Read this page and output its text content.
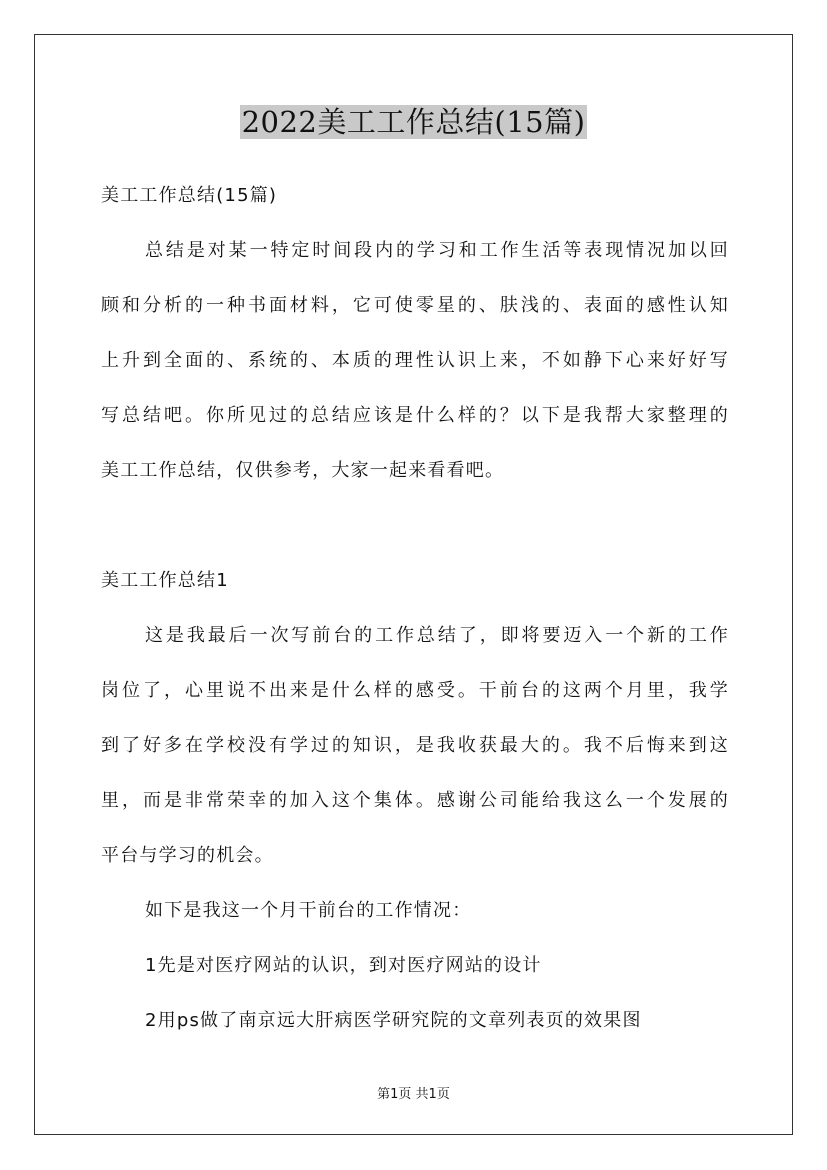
2022美工工作总结(15篇)
美工工作总结(15篇)
总结是对某一特定时间段内的学习和工作生活等表现情况加以回
顾和分析的一种书面材料，它可使零星的、肤浅的、表面的感性认知
上升到全面的、系统的、本质的理性认识上来，不如静下心来好好写
写总结吧。你所见过的总结应该是什么样的？以下是我帮大家整理的
美工工作总结，仅供参考，大家一起来看看吧。
美工工作总结1
这是我最后一次写前台的工作总结了，即将要迈入一个新的工作
岗位了，心里说不出来是什么样的感受。干前台的这两个月里，我学
到了好多在学校没有学过的知识，是我收获最大的。我不后悔来到这
里，而是非常荣幸的加入这个集体。感谢公司能给我这么一个发展的
平台与学习的机会。
如下是我这一个月干前台的工作情况：
1先是对医疗网站的认识，到对医疗网站的设计
2用ps做了南京远大肝病医学研究院的文章列表页的效果图
第1页 共1页
